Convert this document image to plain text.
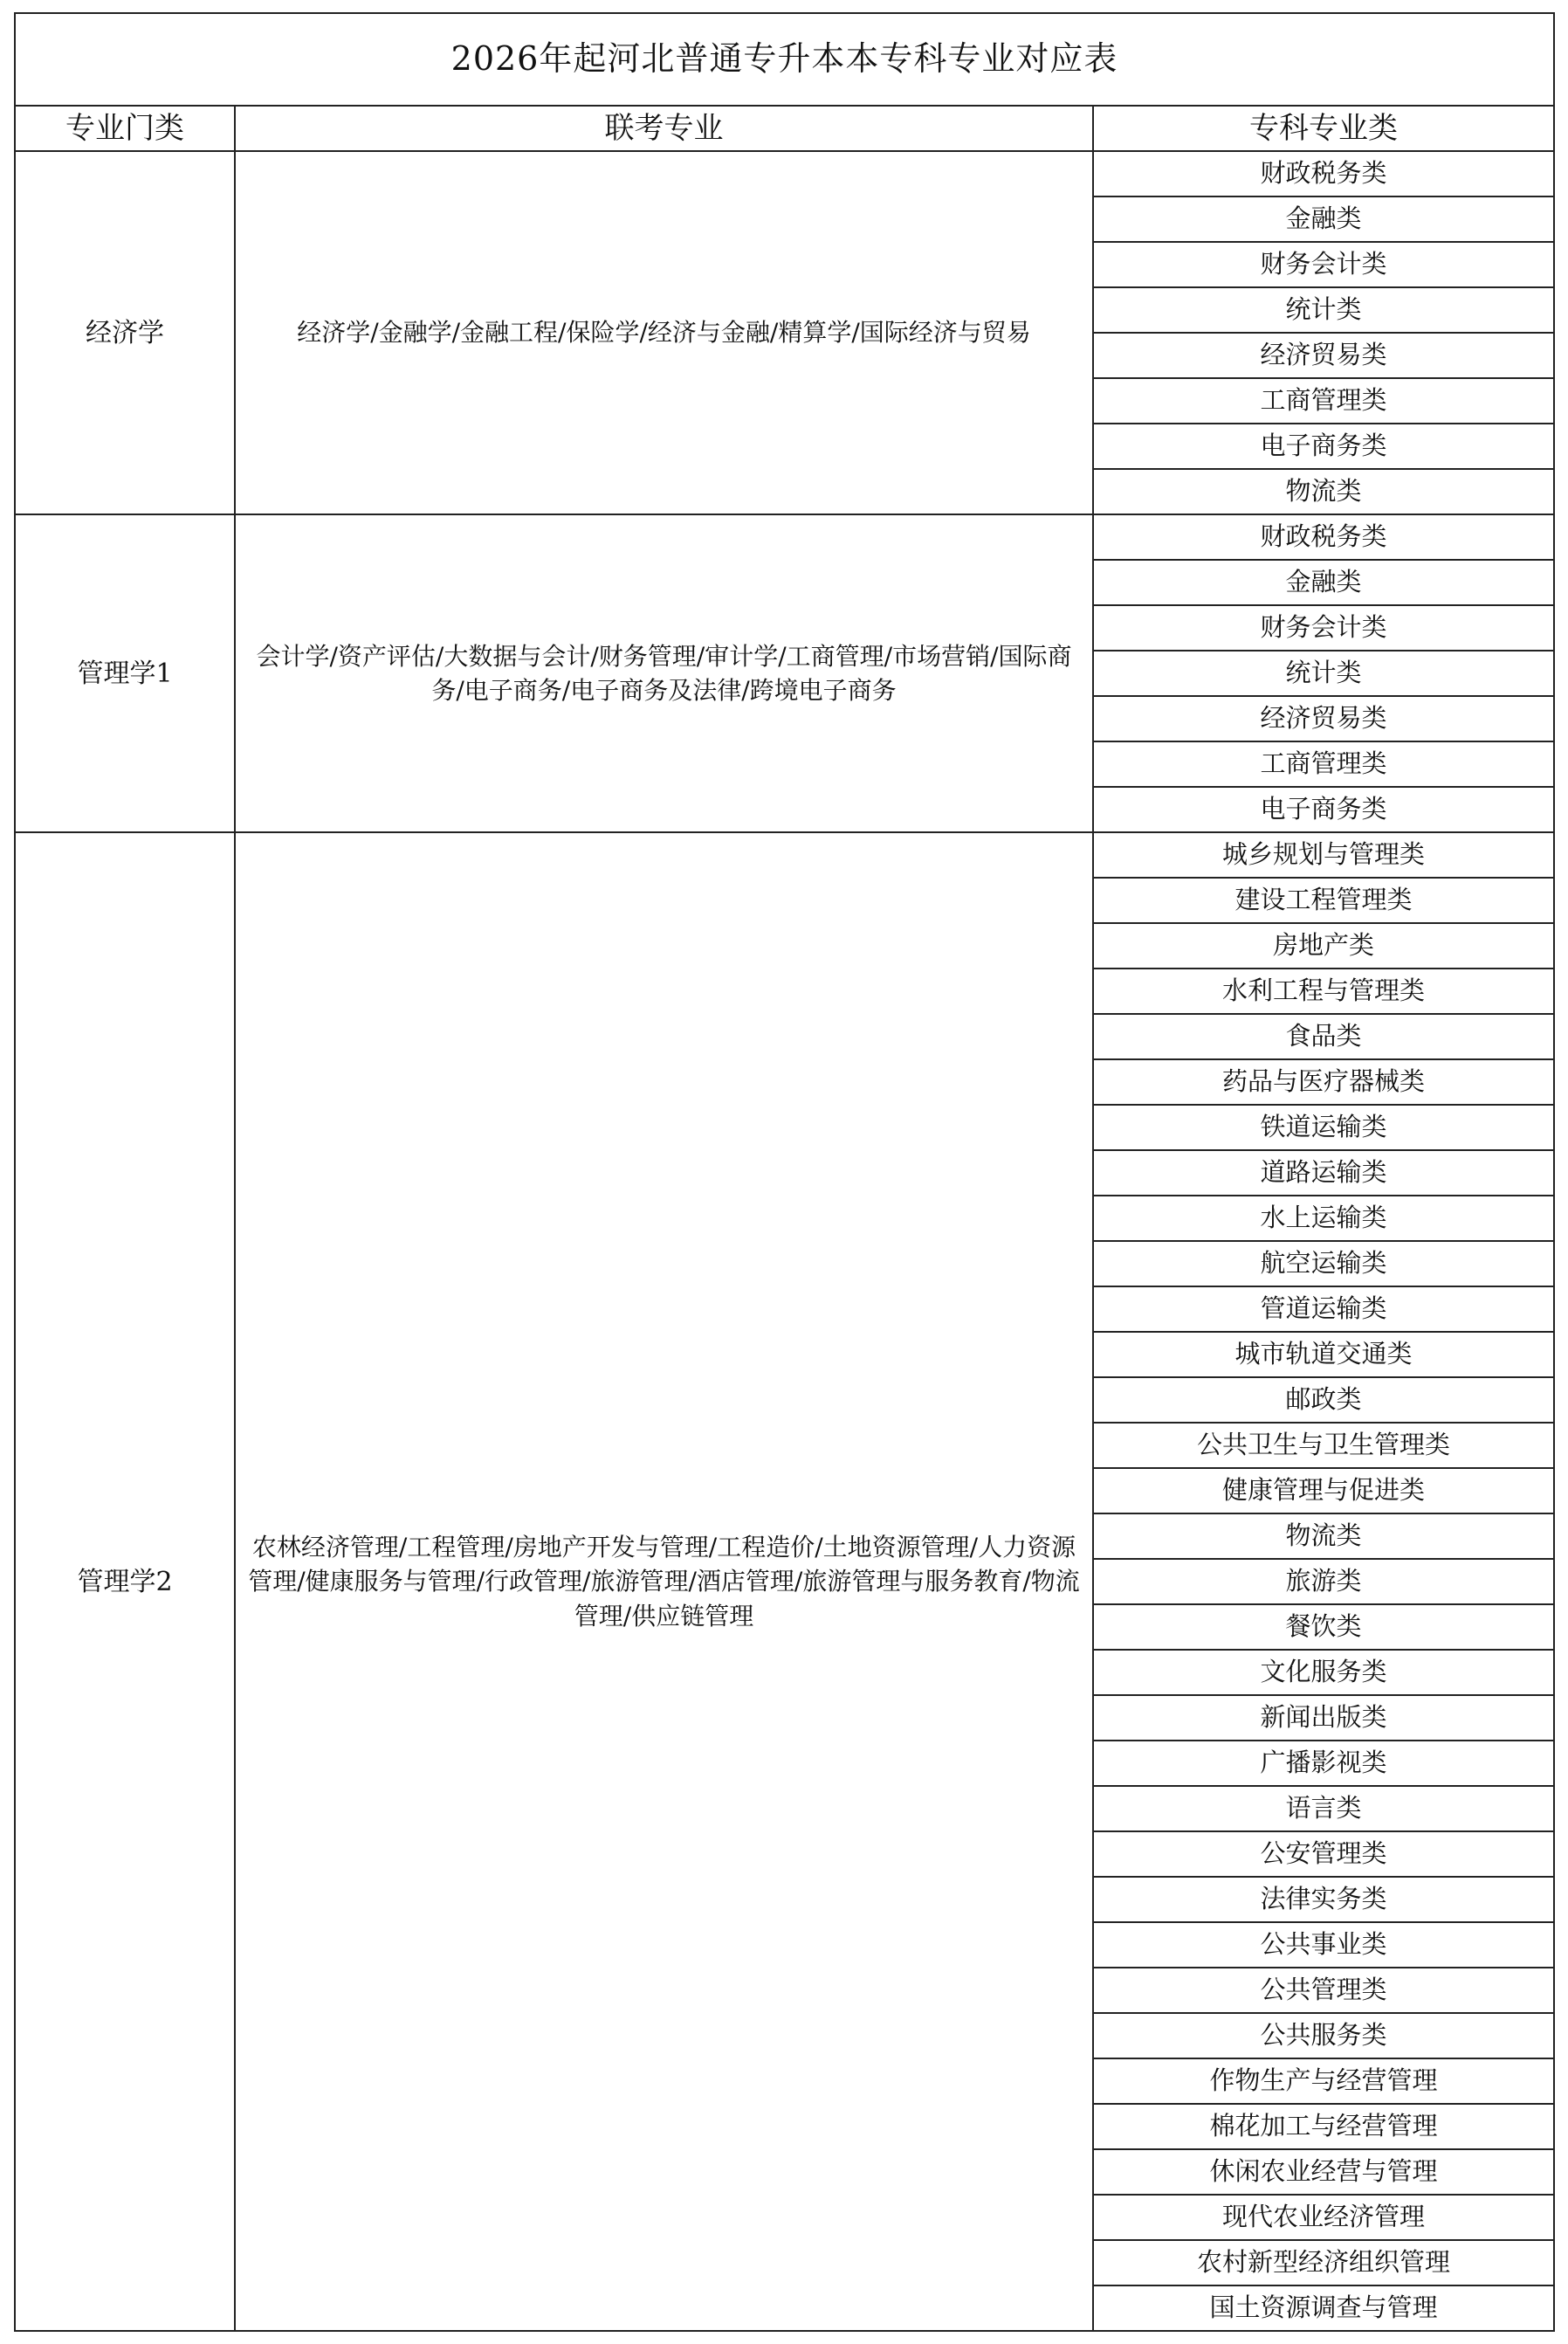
2026年起河北普通专升本本专科专业对应表		
专业门类	联考专业	专科专业类
经济学	经济学/金融学/金融工程/保险学/经济与金融/精算学/国际经济与贸易	财政税务类
		金融类
		财务会计类
		统计类
		经济贸易类
		工商管理类
		电子商务类
		物流类
管理学1	会计学/资产评估/大数据与会计/财务管理/审计学/工商管理/市场营销/国际商务/电子商务/电子商务及法律/跨境电子商务	财政税务类
		金融类
		财务会计类
		统计类
		经济贸易类
		工商管理类
		电子商务类
管理学2	农林经济管理/工程管理/房地产开发与管理/工程造价/土地资源管理/人力资源管理/健康服务与管理/行政管理/旅游管理/酒店管理/旅游管理与服务教育/物流管理/供应链管理	城乡规划与管理类
		建设工程管理类
		房地产类
		水利工程与管理类
		食品类
		药品与医疗器械类
		铁道运输类
		道路运输类
		水上运输类
		航空运输类
		管道运输类
		城市轨道交通类
		邮政类
		公共卫生与卫生管理类
		健康管理与促进类
		物流类
		旅游类
		餐饮类
		文化服务类
		新闻出版类
		广播影视类
		语言类
		公安管理类
		法律实务类
		公共事业类
		公共管理类
		公共服务类
		作物生产与经营管理
		棉花加工与经营管理
		休闲农业经营与管理
		现代农业经济管理
		农村新型经济组织管理
		国土资源调查与管理
